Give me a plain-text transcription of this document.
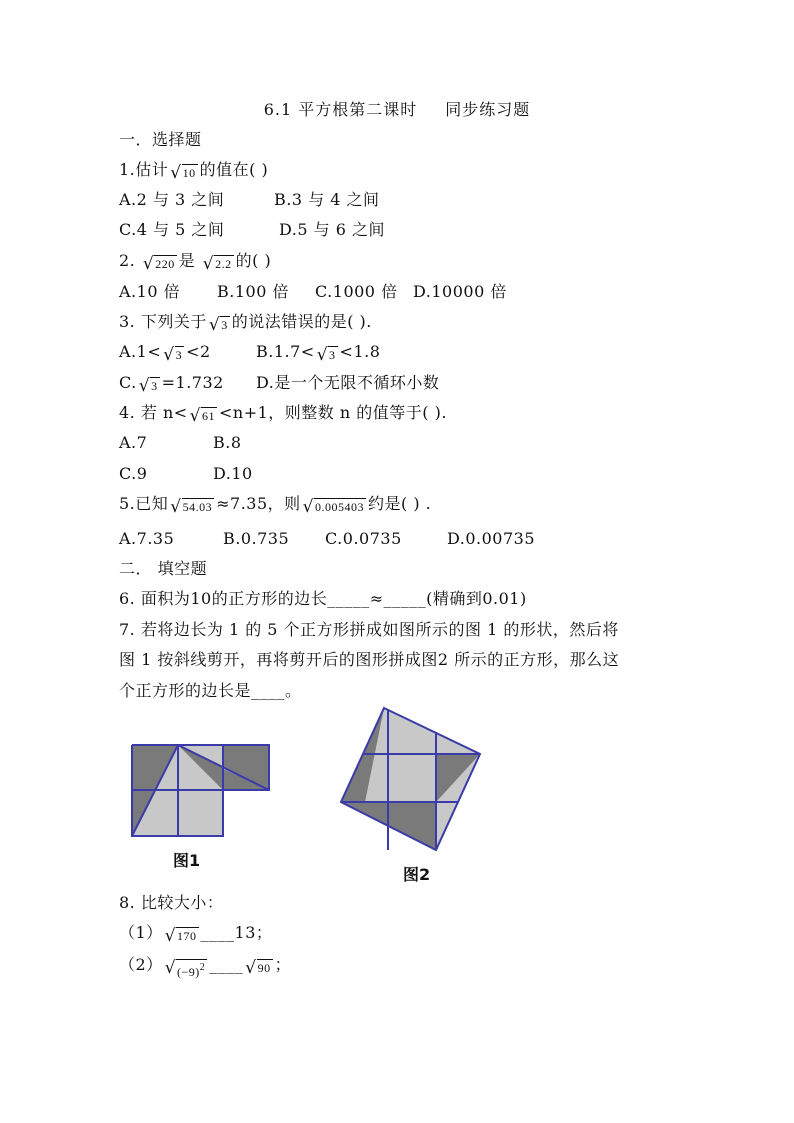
6.1 平方根第二课时 同步练习题
一．选择题
1.估计 √ 10 的值在( )
A.2 与 3 之间	B.3 与 4 之间
C.4 与 5 之间	D.5 与 6 之间
2. √ 220 是 √ 2.2 的( )
A.10 倍 B.100 倍 C.1000 倍 D.10000 倍
3. 下列关于 √ 3 的说法错误的是( ).
A.1< √ 3 <2	B.1.7< √ 3 <1.8
C. √ 3 =1.732 D.是一个无限不循环小数
4. 若 n< √ 61 <n+1，则整数 n 的值等于( ).
A.7	B.8
C.9	D.10
5.已知 √ 54.03 ≈7.35，则 √ 0.005403 约是( ) .
A.7.35	B.0.735 C.0.0735	D.0.00735
二． 填空题
6. 面积为10的正方形的边长_____≈_____(精确到0.01)
7. 若将边长为 1 的 5 个正方形拼成如图所示的图 1 的形状，然后将
图 1 按斜线剪开，再将剪开后的图形拼成图2 所示的正方形，那么这
个正方形的边长是____。
图1
图2
8. 比较大小：
（1） √ 170 ____13；
（2） √ $(-9)^2$ ____ √ 90 ；
